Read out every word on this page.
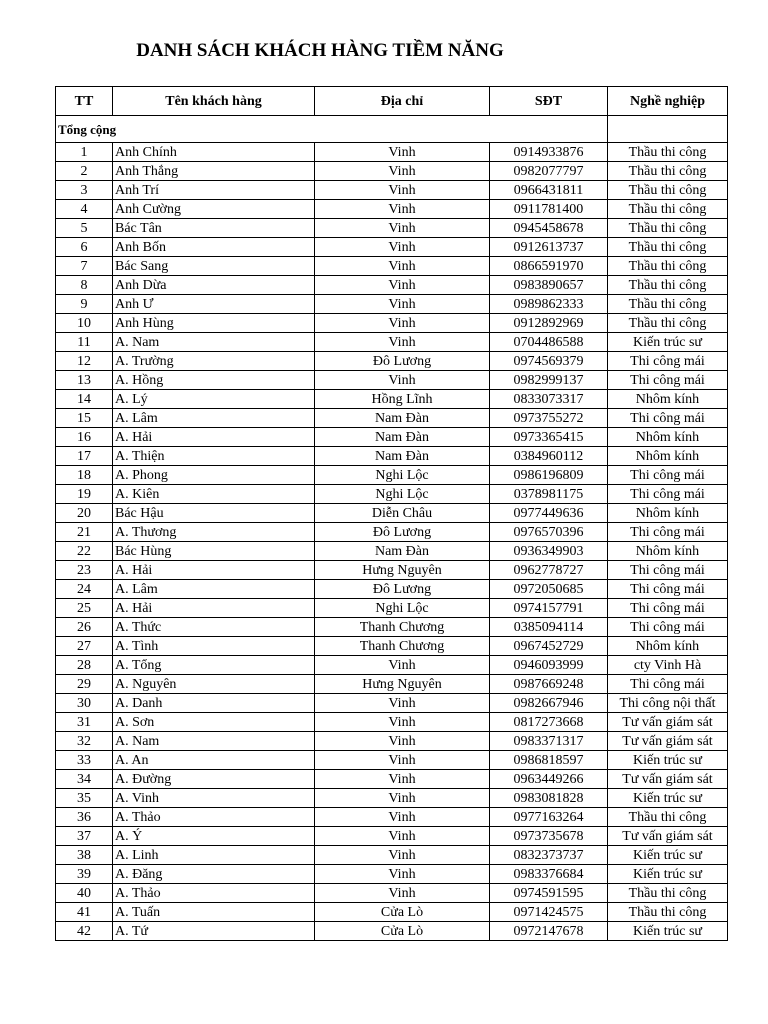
DANH SÁCH KHÁCH HÀNG TIỀM NĂNG
TT	Tên khách hàng	Địa chỉ	SĐT	Nghề nghiệp
Tổng cộng				
1	Anh Chính	Vinh	0914933876	Thầu thi công
2	Anh Thắng	Vinh	0982077797	Thầu thi công
3	Anh Trí	Vinh	0966431811	Thầu thi công
4	Anh Cường	Vinh	0911781400	Thầu thi công
5	Bác Tân	Vinh	0945458678	Thầu thi công
6	Anh Bốn	Vinh	0912613737	Thầu thi công
7	Bác Sang	Vinh	0866591970	Thầu thi công
8	Anh Dừa	Vinh	0983890657	Thầu thi công
9	Anh Ư	Vinh	0989862333	Thầu thi công
10	Anh Hùng	Vinh	0912892969	Thầu thi công
11	A. Nam	Vinh	0704486588	Kiến trúc sư
12	A. Trường	Đô Lương	0974569379	Thi công mái
13	A. Hồng	Vinh	0982999137	Thi công mái
14	A. Lý	Hồng Lĩnh	0833073317	Nhôm kính
15	A. Lâm	Nam Đàn	0973755272	Thi công mái
16	A. Hải	Nam Đàn	0973365415	Nhôm kính
17	A. Thiện	Nam Đàn	0384960112	Nhôm kính
18	A. Phong	Nghi Lộc	0986196809	Thi công mái
19	A. Kiên	Nghi Lộc	0378981175	Thi công mái
20	Bác Hậu	Diễn Châu	0977449636	Nhôm kính
21	A. Thương	Đô Lương	0976570396	Thi công mái
22	Bác Hùng	Nam Đàn	0936349903	Nhôm kính
23	A. Hải	Hưng Nguyên	0962778727	Thi công mái
24	A. Lâm	Đô Lương	0972050685	Thi công mái
25	A. Hải	Nghi Lộc	0974157791	Thi công mái
26	A. Thức	Thanh Chương	0385094114	Thi công mái
27	A. Tình	Thanh Chương	0967452729	Nhôm kính
28	A. Tổng	Vinh	0946093999	cty Vinh Hà
29	A. Nguyên	Hưng Nguyên	0987669248	Thi công mái
30	A. Danh	Vinh	0982667946	Thi công nội thất
31	A. Sơn	Vinh	0817273668	Tư vấn giám sát
32	A. Nam	Vinh	0983371317	Tư vấn giám sát
33	A. An	Vinh	0986818597	Kiến trúc sư
34	A. Đường	Vinh	0963449266	Tư vấn giám sát
35	A. Vinh	Vinh	0983081828	Kiến trúc sư
36	A. Thảo	Vinh	0977163264	Thầu thi công
37	A. Ý	Vinh	0973735678	Tư vấn giám sát
38	A. Linh	Vinh	0832373737	Kiến trúc sư
39	A. Đăng	Vinh	0983376684	Kiến trúc sư
40	A. Thảo	Vinh	0974591595	Thầu thi công
41	A. Tuấn	Cửa Lò	0971424575	Thầu thi công
42	A. Tứ	Cửa Lò	0972147678	Kiến trúc sư
